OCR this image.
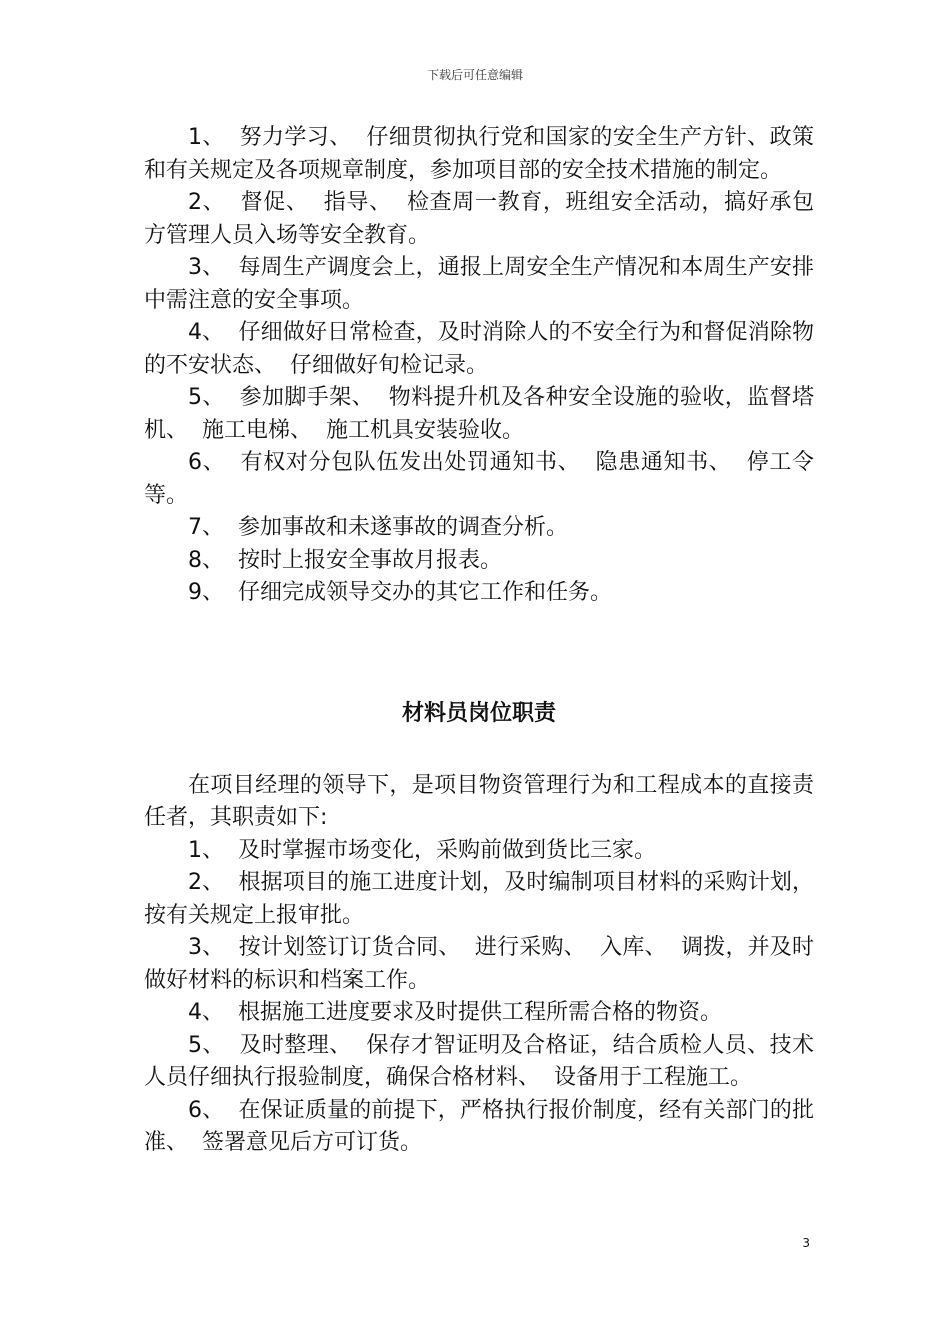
下载后可任意编辑

1、  努力学习、  仔细贯彻执行党和国家的安全生产方针、政策和有关规定及各项规章制度，参加项目部的安全技术措施的制定。

2、  督促、  指导、  检查周一教育，班组安全活动，搞好承包方管理人员入场等安全教育。

3、  每周生产调度会上，通报上周安全生产情况和本周生产安排中需注意的安全事项。

4、  仔细做好日常检查，及时消除人的不安全行为和督促消除物的不安状态、  仔细做好旬检记录。

5、  参加脚手架、  物料提升机及各种安全设施的验收，监督塔机、  施工电梯、  施工机具安装验收。

6、  有权对分包队伍发出处罚通知书、  隐患通知书、  停工令等。

7、  参加事故和未遂事故的调查分析。

8、  按时上报安全事故月报表。

9、  仔细完成领导交办的其它工作和任务。

材料员岗位职责

在项目经理的领导下，是项目物资管理行为和工程成本的直接责任者，其职责如下:

1、  及时掌握市场变化，采购前做到货比三家。

2、  根据项目的施工进度计划，及时编制项目材料的采购计划，按有关规定上报审批。

3、  按计划签订订货合同、  进行采购、  入库、  调拨，并及时做好材料的标识和档案工作。

4、  根据施工进度要求及时提供工程所需合格的物资。

5、  及时整理、  保存才智证明及合格证，结合质检人员、技术人员仔细执行报验制度，确保合格材料、  设备用于工程施工。

6、  在保证质量的前提下，严格执行报价制度，经有关部门的批准、  签署意见后方可订货。

3
